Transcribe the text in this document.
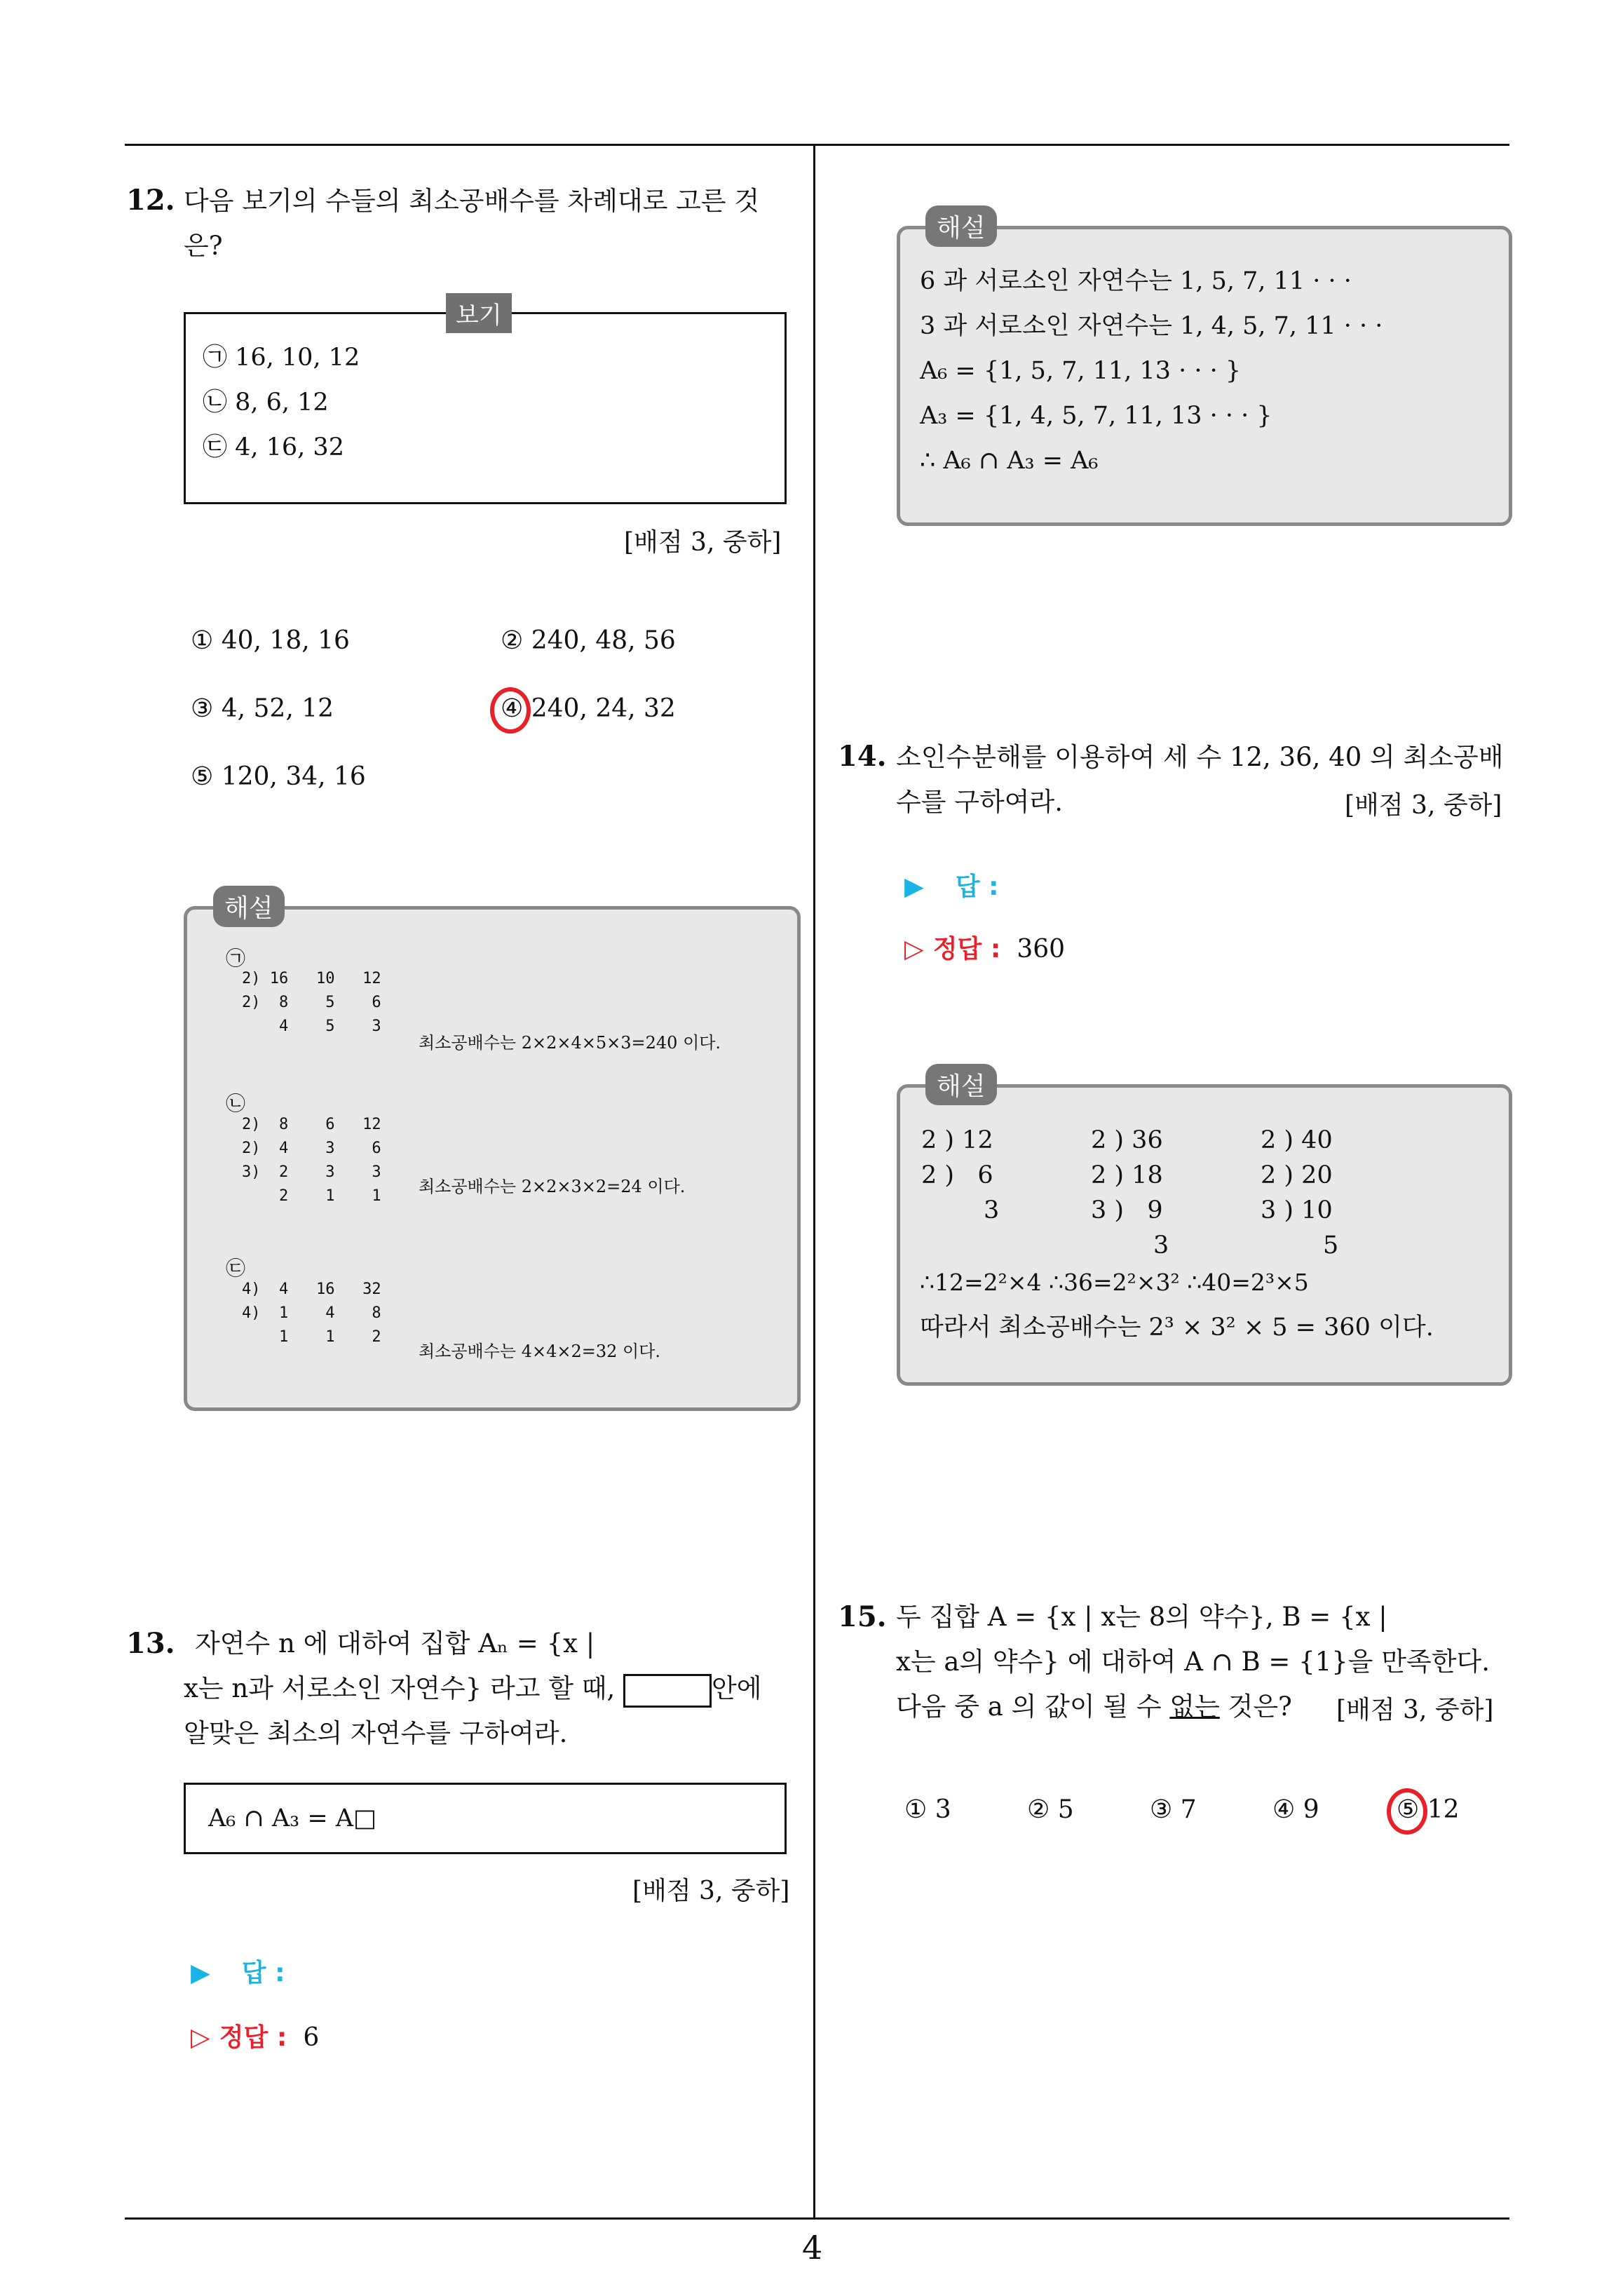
12. 다음 보기의 수들의 최소공배수를 차례대로 고른 것
은?
㉠ 16, 10, 12
㉡ 8, 6, 12
㉢ 4, 16, 32
보기
[배점 3, 중하]
① 40, 18, 16	② 240, 48, 56
③ 4, 52, 12	④ 240, 24, 32
⑤ 120, 34, 16
㉠
2) 16   10   12
2)  8    5    6
4    5    3
최소공배수는 2×2×4×5×3=240 이다.
㉡
2)  8    6   12
2)  4    3    6
3)  2    3    3
2    1    1 최소공배수는 2×2×3×2=24 이다.
㉢
4)  4   16   32
4)  1    4    8
1    1    2
최소공배수는 4×4×2=32 이다.
해설
13. 자연수 n 에 대하여 집합 Aₙ = {x |
x는 n과 서로소인 자연수} 라고 할 때,	안에
알맞은 최소의 자연수를 구하여라.
A₆ ∩ A₃ = A□
[배점 3, 중하]
▶ 답 :
▷ 정답 : 6
6 과 서로소인 자연수는 1, 5, 7, 11 · · ·
3 과 서로소인 자연수는 1, 4, 5, 7, 11 · · ·
A₆ = {1, 5, 7, 11, 13 · · · }
A₃ = {1, 4, 5, 7, 11, 13 · · · }
∴ A₆ ∩ A₃ = A₆
해설
14. 소인수분해를 이용하여 세 수 12, 36, 40 의 최소공배
수를 구하여라.	[배점 3, 중하]
▶ 답 :
▷ 정답 : 360
2 ) 12
2 )   6
3
2 ) 36
2 ) 18
3 )   9
3
2 ) 40
2 ) 20
3 ) 10
5
∴12=2²×4 ∴36=2²×3² ∴40=2³×5
따라서 최소공배수는 2³ × 3² × 5 = 360 이다.
해설
15. 두 집합 A = {x | x는 8의 약수}, B = {x |
x는 a의 약수} 에 대하여 A ∩ B = {1}을 만족한다.
다음 중 a 의 값이 될 수 없는 것은? [배점 3, 중하]
① 3	② 5	③ 7	④ 9	⑤ 12
4
